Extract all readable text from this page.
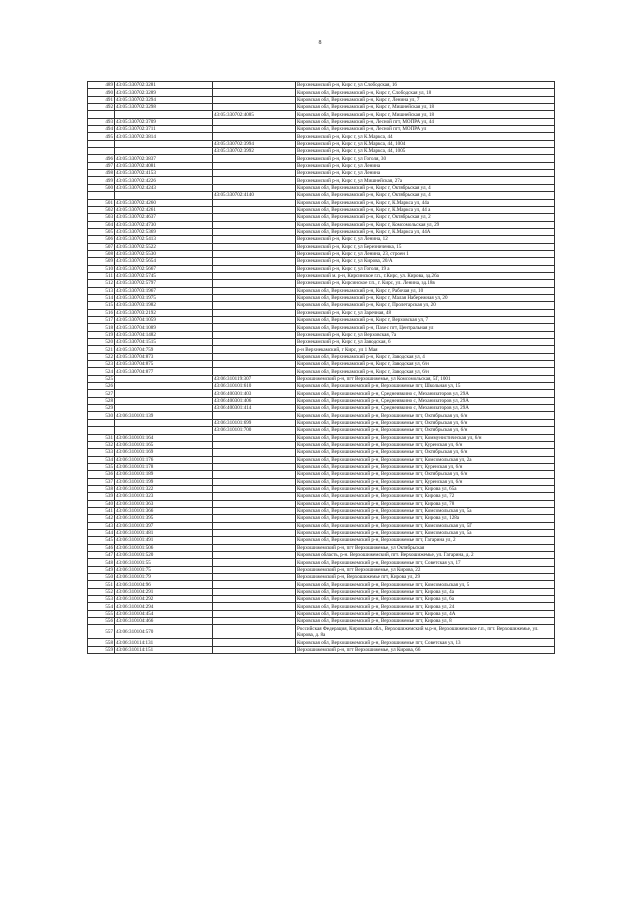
8
489	43:05:330702:3281		Верхнекамский р-н, Кирс г, ул Слободская, 16
490	43:05:330702:3289		Кировская обл, Верхнекамский р-н, Кирс г, Слободская ул, 18
491	43:05:330702:3294		Кировская обл, Верхнекамский р-н, Кирс г, Ленина ул, 7
492	43:05:330702:3298		Кировская обл, Верхнекамский р-н, Кирс г, Мишнейская ул, 18
		43:05:330702:4085	Кировская обл, Верхнекамский р-н, Кирс г, Мишнейская ул, 18
493	43:05:330702:3709		Кировская обл, Верхнекамский р-н, Лесной пгт, МОПРА ул, 44
494	43:05:330702:3711		Кировская обл, Верхнекамский р-н, Лесной пгт, МОПРА ул
495	43:05:330702:3814		Верхнекамский р-н, Кирс г, ул К.Маркса, 44
		43:05:330702:3994	Верхнекамский р-н, Кирс г, ул К.Маркса, 44, 1004
		43:05:330702:3992	Верхнекамский р-н, Кирс г, ул К.Маркса, 44, 1005
496	43:05:330702:3837		Верхнекамский р-н, Кирс г, ул Гоголя, 30
497	43:05:330702:4081		Верхнекамский р-н, Кирс г, ул Ленина
498	43:05:330702:4153		Верхнекамский р-н, Кирс г, ул Ленина
499	43:05:330702:4226		Верхнекамский р-н, Кирс г, ул Мишнейская, 27а
500	43:05:330702:4243		Кировская обл, Верхнекамский р-н, Кирс г, Октябрьская ул, 4
		43:05:330702:4140	Кировская обл, Верхнекамский р-н, Кирс г, Октябрьская ул, 4
501	43:05:330702:4260		Кировская обл, Верхнекамский р-н, Кирс г, К.Маркса ул, 44а
502	43:05:330702:4261		Кировская обл, Верхнекамский р-н, Кирс г, К.Маркса ул, 44 а
503	43:05:330702:4637		Кировская обл, Верхнекамский р-н, Кирс г, Октябрьская ул, 2
504	43:05:330702:4730		Кировская обл, Верхнекамский р-н, Кирс г, Комсомольская ул, 29
505	43:05:330702:5369		Кировская обл, Верхнекамский р-н, Кирс г, К.Маркса ул, 44А
506	43:05:330702:5413		Верхнекамский р-н, Кирс г, ул Ленина, 12
507	43:05:330702:5522		Верхнекамский р-н, Кирс г, ул Березниченка, 15
508	43:05:330702:5530		Верхнекамский р-н, Кирс г, ул Ленина, 23, строен 1
509	43:05:330702:5654		Верхнекамский р-н, Кирс г, ул Кирова, 20/А
510	43:05:330702:5667		Верхнекамский р-н, Кирс г, ул Гоголя, 19 а
511	43:05:330702:5745		Верхнекамский м. р-н, Кирсинское г.п., г.Кирс, ул. Кирова, зд.26а
512	43:05:330702:5797		Верхнекамский р-н, Кирсинское г.п., г. Кирс, ул. Ленина, зд.18в
513	43:05:330703:1967		Кировская обл, Верхнекамский р-н, Кирс г, Рабочая ул, 10
514	43:05:330703:1975		Кировская обл, Верхнекамский р-н, Кирс г, Малая Набережная ул, 20
515	43:05:330703:1982		Кировская обл, Верхнекамский р-н, Кирс г, Пролетарская ул, 20
516	43:05:330703:2192		Верхнекамский р-н, Кирс г, ул Заречная, 48
517	43:05:330704:1059		Кировская обл, Верхнекамский р-н, Кирс г, Верховская ул, 7
518	43:05:330704:1089		Кировская обл, Верхнекамский р-н, Пахес пгт, Центральная ул
519	43:05:330704:1482		Верхнекамский р-н, Кирс г, ул Верховская, 7а
520	43:05:330704:1515		Верхнекамский р-н, Кирс г, ул Заводская, 6
521	43:05:330704:759		р-н Верхнекамский, г Кирс, ул 1 Мая
522	43:05:330704:873		Кировская обл, Верхнекамский р-н, Кирс г, Заводская ул, 4
523	43:05:330704:875		Кировская обл, Верхнекамский р-н, Кирс г, Заводская ул, 6/н
524	43:05:330704:877		Кировская обл, Верхнекамский р-н, Кирс г, Заводская ул, 6/н
525		43:06:310119:307	Верхошижемский р-н, пгт Верхошижемье, ул Комсомольская, 5Г, 1001
526		43:06:310101:610	Кировская обл, Верхошижемский р-н, Верхошижемье пгт, Школьная ул, 15
527		43:06:400301:403	Кировская обл, Верхошижемский р-н, Среднеивкино с, Механизаторов ул, 29А
528		43:06:400301:406	Кировская обл, Верхошижемский р-н, Среднеивкино с, Механизаторов ул, 29А
529		43:06:400301:414	Кировская обл, Верхошижемский р-н, Среднеивкино с, Механизаторов ул, 29А
530	43:06:310101:139		Кировская обл, Верхошижемский р-н, Верхошижемье пгт, Октябрьская ул, 6/н
		43:06:310101:699	Кировская обл, Верхошижемский р-н, Верхошижемье пгт, Октябрьская ул, 6/н
		43:06:310101:700	Кировская обл, Верхошижемский р-н, Верхошижемье пгт, Октябрьская ул, 6/н
531	43:06:310101:164		Кировская обл, Верхошижемский р-н, Верхошижемье пгт, Коммунистическая ул, 6/н
532	43:06:310101:165		Кировская обл, Верхошижемский р-н, Верхошижемье пгт, Куренская ул, 6/н
533	43:06:310101:169		Кировская обл, Верхошижемский р-н, Верхошижемье пгт, Октябрьская ул, 6/н
534	43:06:310101:176		Кировская обл, Верхошижемский р-н, Верхошижемье пгт, Комсомольская ул, 2а
535	43:06:310101:178		Кировская обл, Верхошижемский р-н, Верхошижемье пгт, Куренская ул, 6/н
536	43:06:310101:189		Кировская обл, Верхошижемский р-н, Верхошижемье пгт, Октябрьская ул, 6/н
537	43:06:310101:199		Кировская обл, Верхошижемский р-н, Верхошижемье пгт, Куренская ул, 6/н
538	43:06:310101:322		Кировская обл, Верхошижемский р-н, Верхошижемье пгт, Кирова ул, 65а
539	43:06:310101:323		Кировская обл, Верхошижемский р-н, Верхошижемье пгт, Кирова ул, 72
540	43:06:310101:363		Кировская обл, Верхошижемский р-н, Верхошижемье пгт, Кирова ул, 78
541	43:06:310101:366		Кировская обл, Верхошижемский р-н, Верхошижемье пгт, Комсомольская ул, 5а
542	43:06:310101:395		Кировская обл, Верхошижемский р-н, Верхошижемье пгт, Кирова ул, 128а
543	43:06:310101:397		Кировская обл, Верхошижемский р-н, Верхошижемье пгт, Комсомольская ул, 5Г
544	43:06:310101:481		Кировская обл, Верхошижемский р-н, Верхошижемье пгт, Комсомольская ул, 5а
545	43:06:310101:491		Кировская обл, Верхошижемский р-н, Верхошижемье пгт, Гагарина ул, 2
546	43:06:310101:506		Верхошижемский р-н, пгт Верхошижемье, ул Октябрьская
547	43:06:310101:520		Кировская область, р-н. Верхошижемский, пгт. Верхошижемье, ул. Гагарина, д. 2
548	43:06:310101:55		Кировская обл, Верхошижемский р-н, Верхошижемье пгт, Советская ул, 17
549	43:06:310101:75		Верхошижемский р-н, пгт Верхошижемье, ул Кирова, 22
550	43:06:310101:79		Верхошижемский р-н, Верхошижемье пгт, Кирова ул, 29
551	43:06:310104:96		Кировская обл, Верхошижемский р-н, Верхошижемье пгт, Комсомольская ул, 5
552	43:06:310104:291		Кировская обл, Верхошижемский р-н, Верхошижемье пгт, Кирова ул, 4а
553	43:06:310104:292		Кировская обл, Верхошижемский р-н, Верхошижемье пгт, Кирова ул, 6а
554	43:06:310104:294		Кировская обл, Верхошижемский р-н, Верхошижемье пгт, Кирова ул, 24
555	43:06:310104:454		Кировская обл, Верхошижемский р-н, Верхошижемье пгт, Кирова ул, 4А
556	43:06:310104:466		Кировская обл, Верхошижемский р-н, Верхошижемье пгт, Кирова ул, 8
557	43:06:310104:570		Российская Федерация, Кировская обл., Верхошижемский м.р-н, Верхошижемское г.п., пгт. Верхошижемье, ул. Кирова, д. 8а
558	43:06:310114:131		Кировская обл, Верхошижемский р-н, Верхошижемье пгт, Советская ул, 13
559	43:06:310114:151		Верхошижемский р-н, пгт Верхошижемье, ул Кирова, 66
